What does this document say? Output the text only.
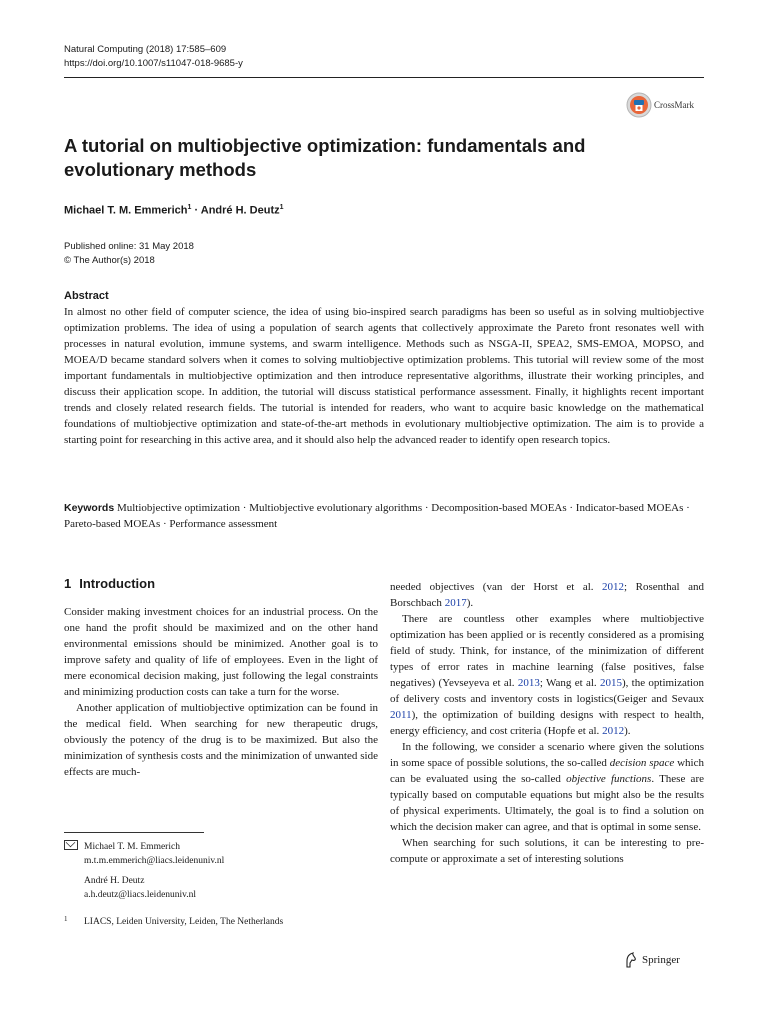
Natural Computing (2018) 17:585–609
https://doi.org/10.1007/s11047-018-9685-y
CrossMark
A tutorial on multiobjective optimization: fundamentals and evolutionary methods
Michael T. M. Emmerich$^1$ · André H. Deutz$^1$
Published online: 31 May 2018
© The Author(s) 2018
Abstract
In almost no other field of computer science, the idea of using bio-inspired search paradigms has been so useful as in solving multiobjective optimization problems. The idea of using a population of search agents that collectively approximate the Pareto front resonates well with processes in natural evolution, immune systems, and swarm intelligence. Methods such as NSGA-II, SPEA2, SMS-EMOA, MOPSO, and MOEA/D became standard solvers when it comes to solving multiobjective optimization problems. This tutorial will review some of the most important fundamentals in multiobjective optimization and then introduce representative algorithms, illustrate their working principles, and discuss their application scope. In addition, the tutorial will discuss statistical performance assessment. Finally, it highlights recent important trends and closely related research fields. The tutorial is intended for readers, who want to acquire basic knowledge on the mathematical foundations of multiobjective optimization and state-of-the-art methods in evolutionary multiobjective optimization. The aim is to provide a starting point for researching in this active area, and it should also help the advanced reader to identify open research topics.
Keywords Multiobjective optimization · Multiobjective evolutionary algorithms · Decomposition-based MOEAs · Indicator-based MOEAs · Pareto-based MOEAs · Performance assessment
1 Introduction

Consider making investment choices for an industrial process. On the one hand the profit should be maximized and on the other hand environmental emissions should be minimized. Another goal is to improve safety and quality of life of employees. Even in the light of mere economical decision making, just following the legal constraints and minimizing production costs can take a turn for the worse.

Another application of multiobjective optimization can be found in the medical field. When searching for new therapeutic drugs, obviously the potency of the drug is to be maximized. But also the minimization of synthesis costs and the minimization of unwanted side effects are much-

needed objectives (van der Horst et al. 2012; Rosenthal and Borschbach 2017).

There are countless other examples where multiobjective optimization has been applied or is recently considered as a promising field of study. Think, for instance, of the minimization of different types of error rates in machine learning (false positives, false negatives) (Yevseyeva et al. 2013; Wang et al. 2015), the optimization of delivery costs and inventory costs in logistics(Geiger and Sevaux 2011), the optimization of building designs with respect to health, energy efficiency, and cost criteria (Hopfe et al. 2012).

In the following, we consider a scenario where given the solutions in some space of possible solutions, the so-called decision space which can be evaluated using the so-called objective functions. These are typically based on computable equations but might also be the results of physical experiments. Ultimately, the goal is to find a solution on which the decision maker can agree, and that is optimal in some sense.

When searching for such solutions, it can be interesting to pre-compute or approximate a set of interesting solutions

Michael T. M. Emmerich
m.t.m.emmerich@liacs.leidenuniv.nl
André H. Deutz
a.h.deutz@liacs.leidenuniv.nl
1 LIACS, Leiden University, Leiden, The Netherlands
Springer
